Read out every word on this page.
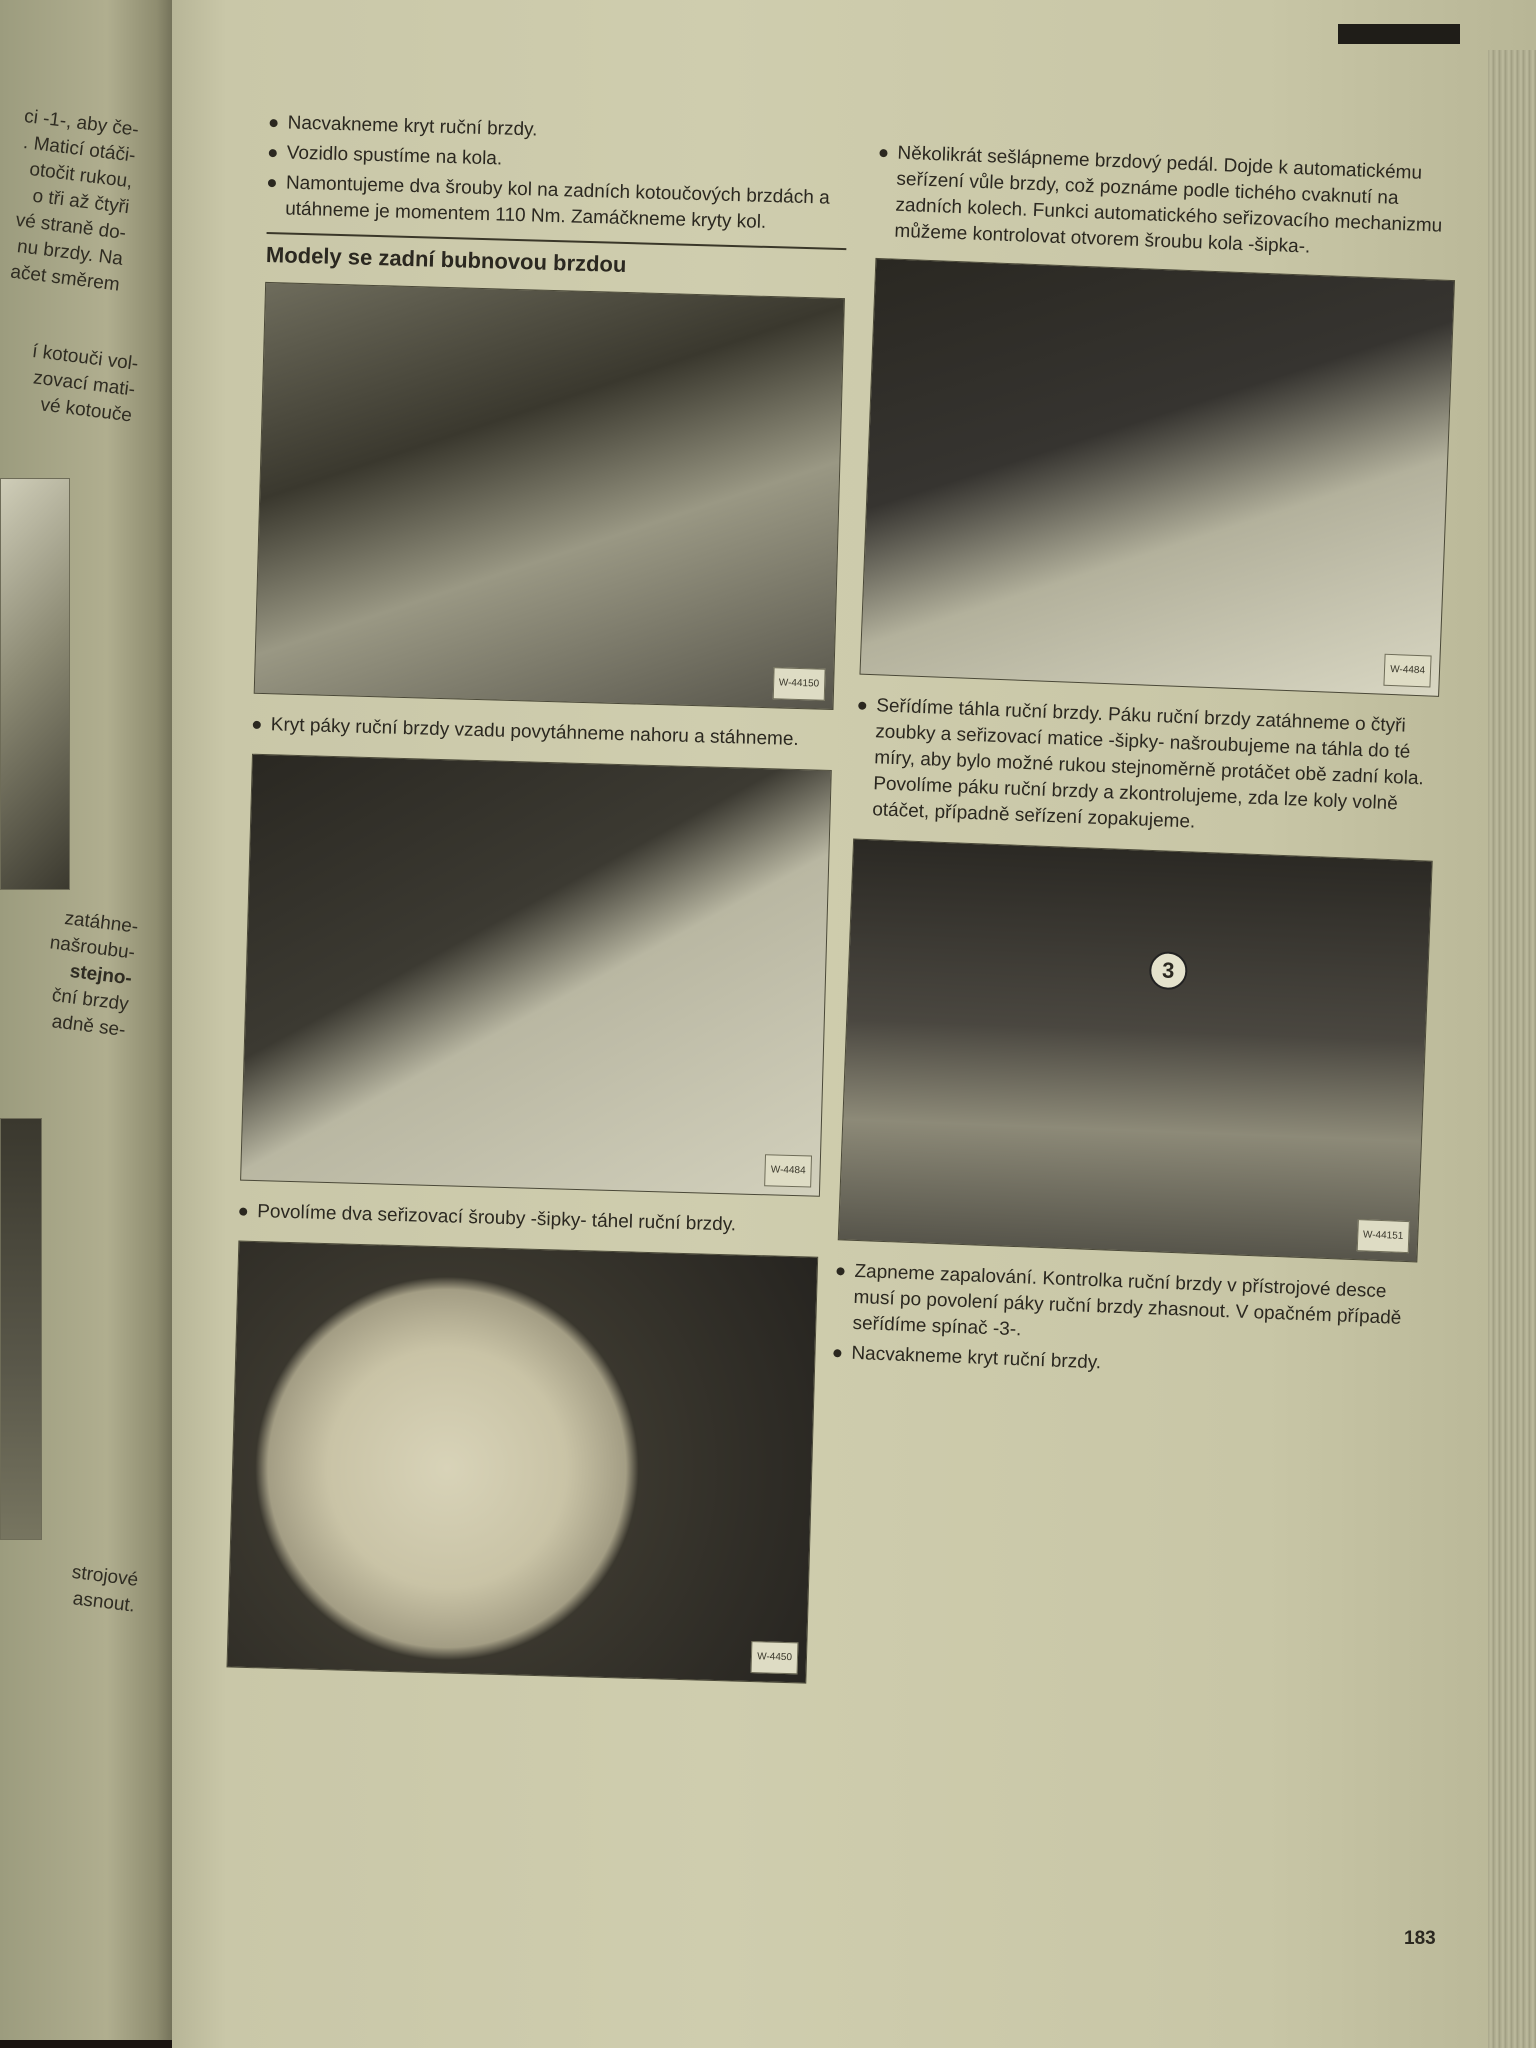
ci -1-, aby če-
. Maticí otáči-
otočit rukou,
o tři až čtyři
vé straně do-
nu brzdy. Na
ačet směrem
í kotouči vol-
zovací mati-
vé kotouče
zatáhne-
našroubu-
stejno-
ční brzdy
adně se-
strojové
asnout.

Nacvakneme kryt ruční brzdy.

Vozidlo spustíme na kola.

Namontujeme dva šrouby kol na zadních kotoučových brzdách a utáhneme je momentem 110 Nm. Zamáčkneme kryty kol.

Modely se zadní bubnovou brzdou
W-44150

Kryt páky ruční brzdy vzadu povytáhneme nahoru a stáhneme.

W-4484

Povolíme dva seřizovací šrouby -šipky- táhel ruční brzdy.

W-4450

Několikrát sešlápneme brzdový pedál. Dojde k automatickému seřízení vůle brzdy, což poznáme podle tichého cvaknutí na zadních kolech. Funkci automatického seřizovacího mechanizmu můžeme kontrolovat otvorem šroubu kola -šipka-.

W-4484

Seřídíme táhla ruční brzdy. Páku ruční brzdy zatáhneme o čtyři zoubky a seřizovací matice -šipky- našroubujeme na táhla do té míry, aby bylo možné rukou stejnoměrně protáčet obě zadní kola. Povolíme páku ruční brzdy a zkontrolujeme, zda lze koly volně otáčet, případně seřízení zopakujeme.

3
W-44151

Zapneme zapalování. Kontrolka ruční brzdy v přístrojové desce musí po povolení páky ruční brzdy zhasnout. V opačném případě seřídíme spínač -3-.

Nacvakneme kryt ruční brzdy.

183
